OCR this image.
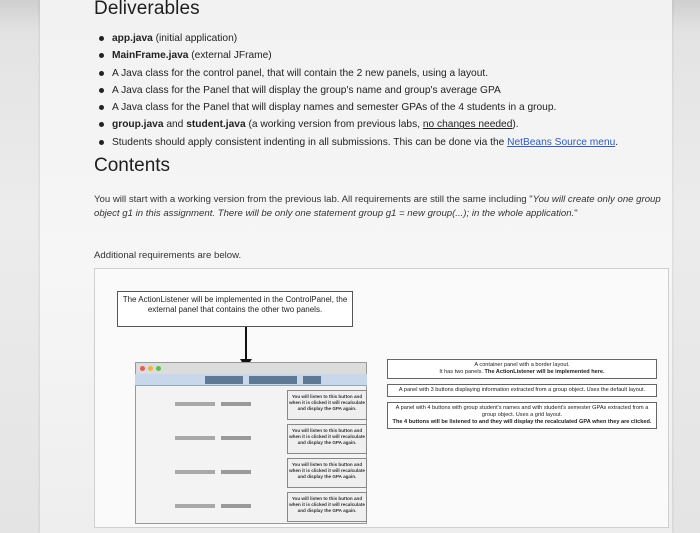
Deliverables
app.java (initial application)
MainFrame.java (external JFrame)
A Java class for the control panel, that will contain the 2 new panels, using a layout.
A Java class for the Panel that will display the group's name and group's average GPA
A Java class for the Panel that will display names and semester GPAs of the 4 students in a group.
group.java and student.java (a working version from previous labs, no changes needed).
Students should apply consistent indenting in all submissions. This can be done via the NetBeans Source menu.
Contents

You will start with a working version from the previous lab. All requirements are still the same including "You will create only one group object g1 in this assignment. There will be only one statement group g1 = new group(...); in the whole application."

Additional requirements are below.

The ActionListener will be implemented in the ControlPanel, the external panel that contains the other two panels.
You will listen to this button and when it is clicked it will recalculate and display the GPA again.
You will listen to this button and when it is clicked it will recalculate and display the GPA again.
You will listen to this button and when it is clicked it will recalculate and display the GPA again.
You will listen to this button and when it is clicked it will recalculate and display the GPA again.
A container panel with a border layout.
It has two panels. The ActionListener will be implemented here.
A panel with 3 buttons displaying information extracted from a group object. Uses the default layout.
A panel with 4 buttons with group student's names and with student's semester GPAs extracted from a group object. Uses a grid layout.
The 4 buttons will be listened to and they will display the recalculated GPA when they are clicked.
